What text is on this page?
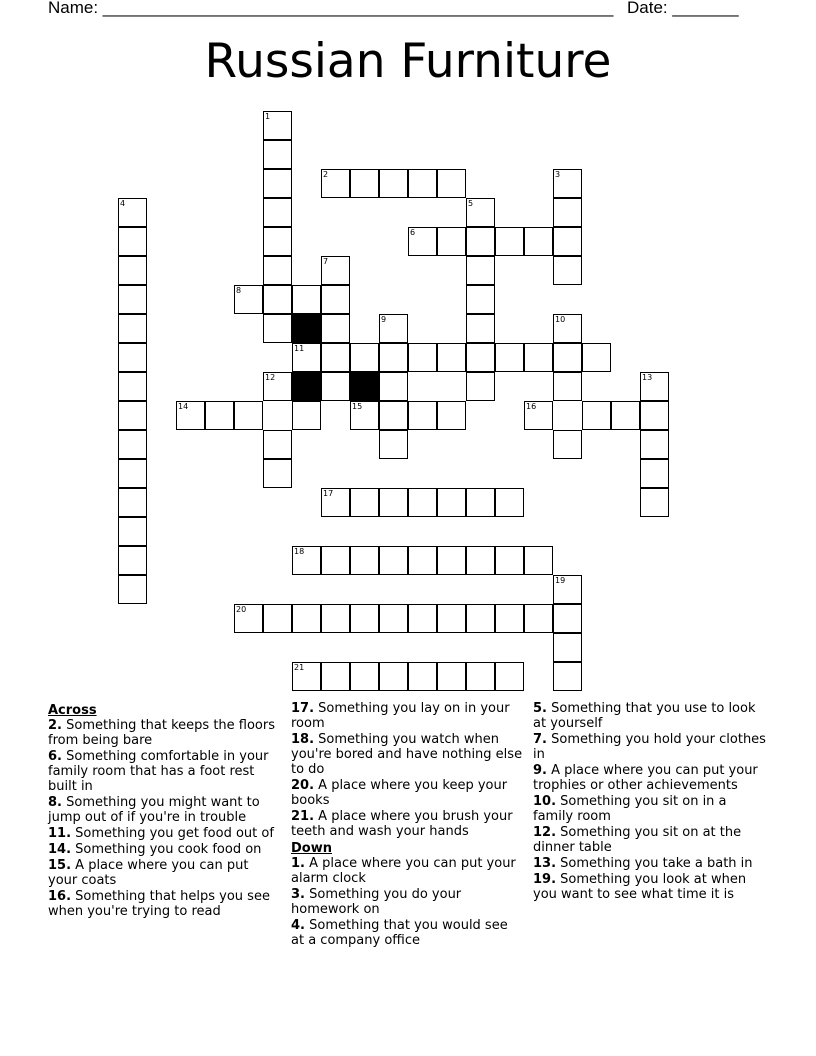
Name: ______________________________________________________ Date: _______
Russian Furniture
1
2	3
4	5
6
7
8
9	10
11
12	13
14	15	16
17
18
19
20
21
Across
2. Something that keeps the floors from being bare
6. Something comfortable in your family room that has a foot rest built in
8. Something you might want to jump out of if you're in trouble
11. Something you get food out of
14. Something you cook food on
15. A place where you can put your coats
16. Something that helps you see when you're trying to read
17. Something you lay on in your room
18. Something you watch when you're bored and have nothing else to do
20. A place where you keep your books
21. A place where you brush your teeth and wash your hands
Down
1. A place where you can put your alarm clock
3. Something you do your homework on
4. Something that you would see at a company office
5. Something that you use to look at yourself
7. Something you hold your clothes in
9. A place where you can put your trophies or other achievements
10. Something you sit on in a family room
12. Something you sit on at the dinner table
13. Something you take a bath in
19. Something you look at when you want to see what time it is
